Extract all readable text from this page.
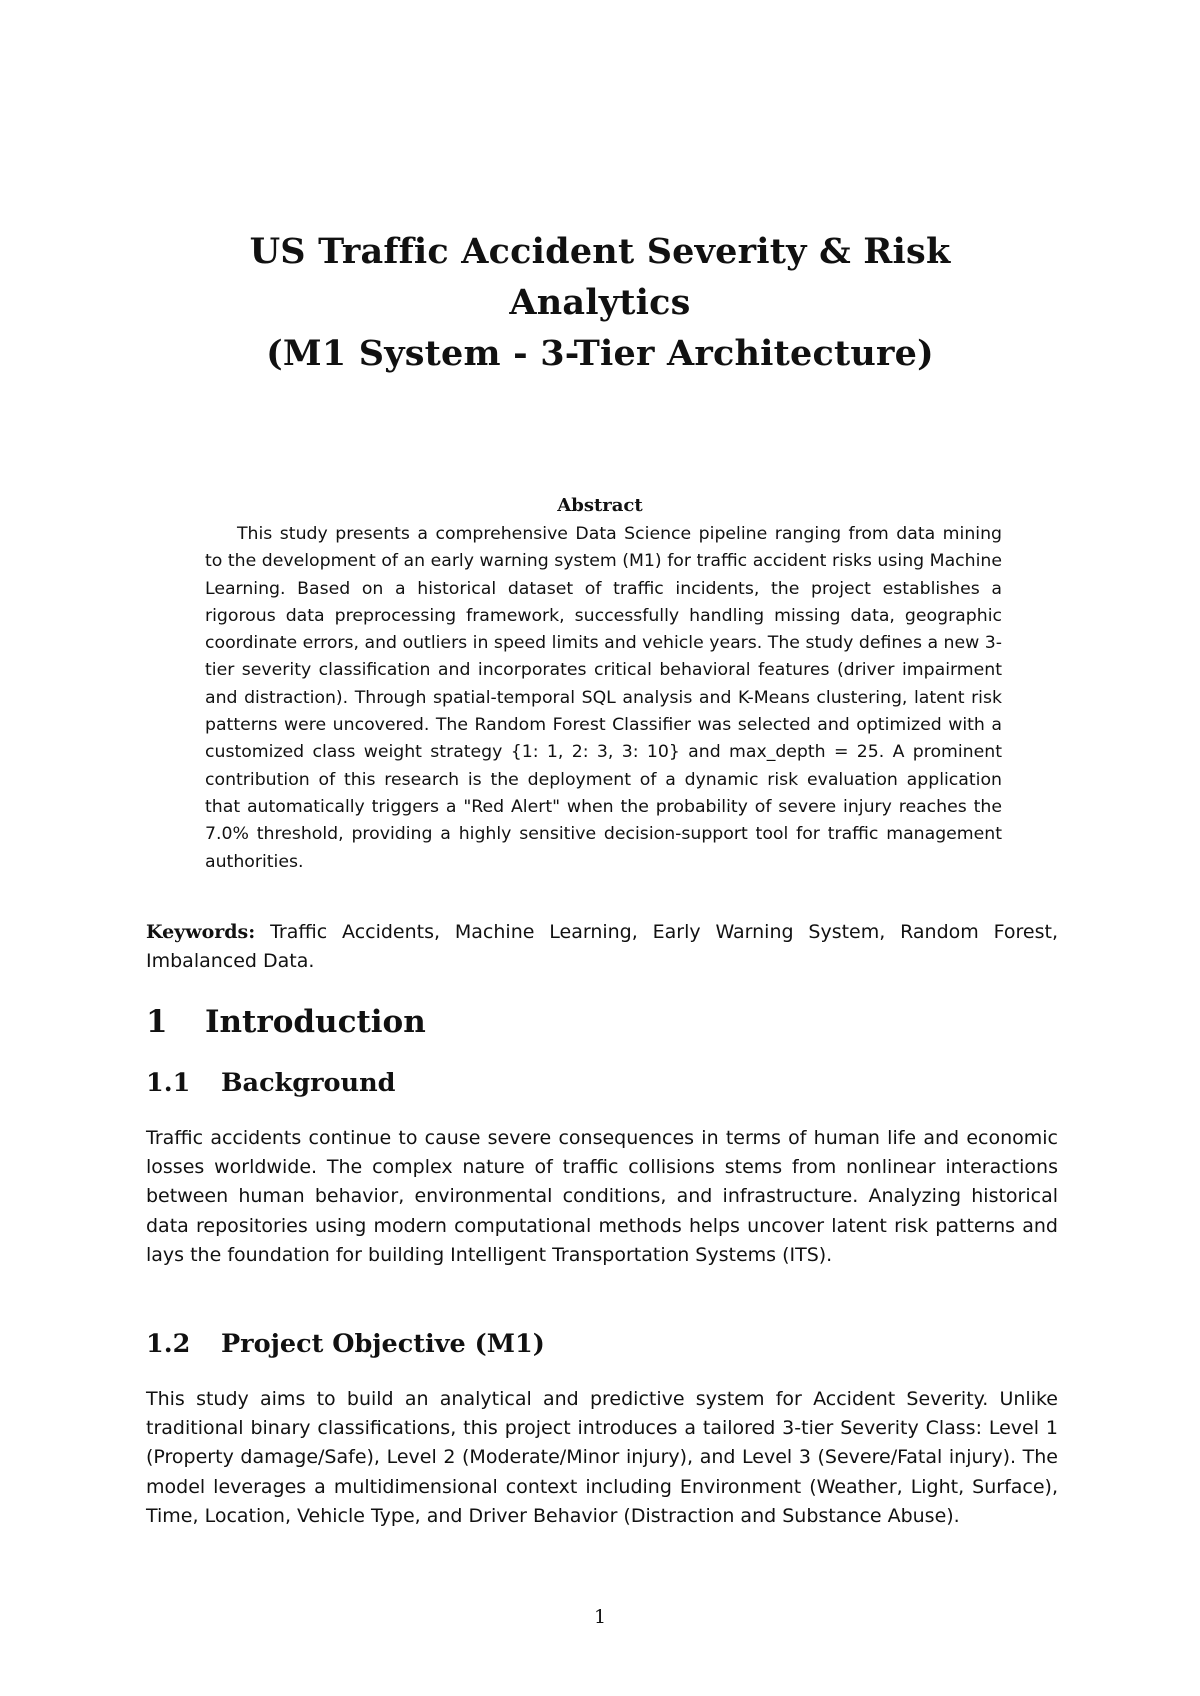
US Traffic Accident Severity & Risk
Analytics
(M1 System - 3-Tier Architecture)
Abstract
This study presents a comprehensive Data Science pipeline ranging from data mining to the development of an early warning system (M1) for traffic accident risks using Machine Learning. Based on a historical dataset of traffic incidents, the project establishes a rigorous data preprocessing framework, successfully handling missing data, geographic coordinate errors, and outliers in speed limits and vehicle years. The study defines a new 3-tier severity classification and incorporates critical behavioral features (driver impairment and distraction). Through spatial-temporal SQL analysis and K-Means clustering, latent risk patterns were uncovered. The Random Forest Classifier was selected and optimized with a customized class weight strategy {1: 1, 2: 3, 3: 10} and max_depth = 25. A prominent contribution of this research is the deployment of a dynamic risk evaluation application that automatically triggers a "Red Alert" when the probability of severe injury reaches the 7.0% threshold, providing a highly sensitive decision-support tool for traffic management authorities.
Keywords: Traffic Accidents, Machine Learning, Early Warning System, Random Forest, Imbalanced Data.
1 Introduction
1.1 Background
Traffic accidents continue to cause severe consequences in terms of human life and economic losses worldwide. The complex nature of traffic collisions stems from nonlinear interactions between human behavior, environmental conditions, and infrastructure. Analyzing historical data repositories using modern computational methods helps uncover latent risk patterns and lays the foundation for building Intelligent Transportation Systems (ITS).
1.2 Project Objective (M1)
This study aims to build an analytical and predictive system for Accident Severity. Unlike traditional binary classifications, this project introduces a tailored 3-tier Severity Class: Level 1 (Property damage/Safe), Level 2 (Moderate/Minor injury), and Level 3 (Severe/Fatal injury). The model leverages a multidimensional context including Environment (Weather, Light, Surface), Time, Location, Vehicle Type, and Driver Behavior (Distraction and Substance Abuse).
1
